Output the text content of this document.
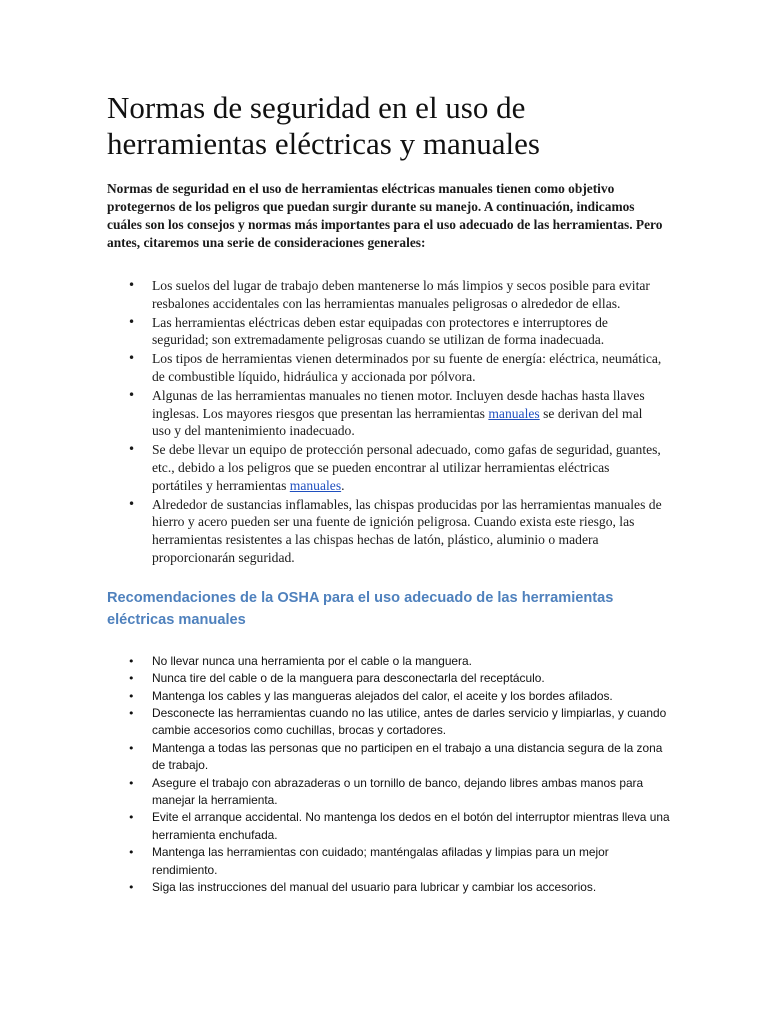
Normas de seguridad en el uso de herramientas eléctricas y manuales

Normas de seguridad en el uso de herramientas eléctricas manuales tienen como objetivo protegernos de los peligros que puedan surgir durante su manejo. A continuación, indicamos cuáles son los consejos y normas más importantes para el uso adecuado de las herramientas. Pero antes, citaremos una serie de consideraciones generales:

• Los suelos del lugar de trabajo deben mantenerse lo más limpios y secos posible para evitar resbalones accidentales con las herramientas manuales peligrosas o alrededor de ellas.
• Las herramientas eléctricas deben estar equipadas con protectores e interruptores de seguridad; son extremadamente peligrosas cuando se utilizan de forma inadecuada.
• Los tipos de herramientas vienen determinados por su fuente de energía: eléctrica, neumática, de combustible líquido, hidráulica y accionada por pólvora.
• Algunas de las herramientas manuales no tienen motor. Incluyen desde hachas hasta llaves inglesas. Los mayores riesgos que presentan las herramientas manuales se derivan del mal uso y del mantenimiento inadecuado.
• Se debe llevar un equipo de protección personal adecuado, como gafas de seguridad, guantes, etc., debido a los peligros que se pueden encontrar al utilizar herramientas eléctricas portátiles y herramientas manuales.
• Alrededor de sustancias inflamables, las chispas producidas por las herramientas manuales de hierro y acero pueden ser una fuente de ignición peligrosa. Cuando exista este riesgo, las herramientas resistentes a las chispas hechas de latón, plástico, aluminio o madera proporcionarán seguridad.
Recomendaciones de la OSHA para el uso adecuado de las herramientas eléctricas manuales
• No llevar nunca una herramienta por el cable o la manguera.
• Nunca tire del cable o de la manguera para desconectarla del receptáculo.
• Mantenga los cables y las mangueras alejados del calor, el aceite y los bordes afilados.
• Desconecte las herramientas cuando no las utilice, antes de darles servicio y limpiarlas, y cuando cambie accesorios como cuchillas, brocas y cortadores.
• Mantenga a todas las personas que no participen en el trabajo a una distancia segura de la zona de trabajo.
• Asegure el trabajo con abrazaderas o un tornillo de banco, dejando libres ambas manos para manejar la herramienta.
• Evite el arranque accidental. No mantenga los dedos en el botón del interruptor mientras lleva una herramienta enchufada.
• Mantenga las herramientas con cuidado; manténgalas afiladas y limpias para un mejor rendimiento.
• Siga las instrucciones del manual del usuario para lubricar y cambiar los accesorios.
